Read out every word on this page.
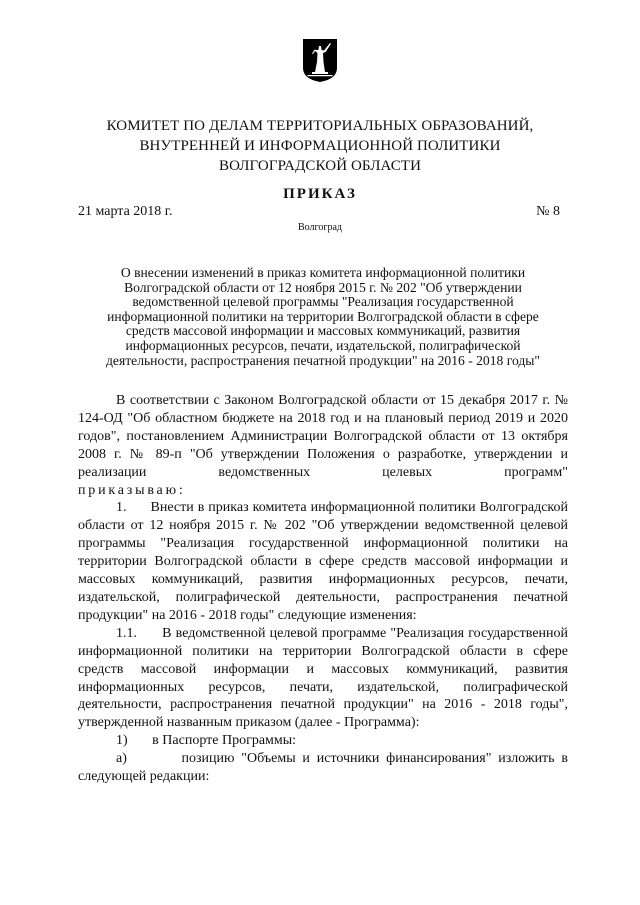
КОМИТЕТ ПО ДЕЛАМ ТЕРРИТОРИАЛЬНЫХ ОБРАЗОВАНИЙ,
ВНУТРЕННЕЙ И ИНФОРМАЦИОННОЙ ПОЛИТИКИ
ВОЛГОГРАДСКОЙ ОБЛАСТИ
ПРИКАЗ
21 марта 2018 г.	№ 8
Волгоград
О внесении изменений в приказ комитета информационной политики
Волгоградской области от 12 ноября 2015 г. № 202 "Об утверждении
ведомственной целевой программы "Реализация государственной
информационной политики на территории Волгоградской области в сфере
средств массовой информации и массовых коммуникаций, развития
информационных ресурсов, печати, издательской, полиграфической
деятельности, распространения печатной продукции" на 2016 - 2018 годы"

В соответствии с Законом Волгоградской области от 15 декабря 2017 г. № 124-ОД "Об областном бюджете на 2018 год и на плановый период 2019 и 2020 годов", постановлением Администрации Волгоградской области от 13 октября 2008 г. № 89-п "Об утверждении Положения о разработке, утверждении и реализации ведомственных целевых программ"

приказываю:

1. Внести в приказ комитета информационной политики Волгоградской области от 12 ноября 2015 г. № 202 "Об утверждении ведомственной целевой программы "Реализация государственной информационной политики на территории Волгоградской области в сфере средств массовой информации и массовых коммуникаций, развития информационных ресурсов, печати, издательской, полиграфической деятельности, распространения печатной продукции" на 2016 - 2018 годы" следующие изменения:

1.1. В ведомственной целевой программе "Реализация государственной информационной политики на территории Волгоградской области в сфере средств массовой информации и массовых коммуникаций, развития информационных ресурсов, печати, издательской, полиграфической деятельности, распространения печатной продукции" на 2016 - 2018 годы", утвержденной названным приказом (далее - Программа):

1) в Паспорте Программы:

а)	позицию "Объемы и источники финансирования" изложить в следующей редакции:
